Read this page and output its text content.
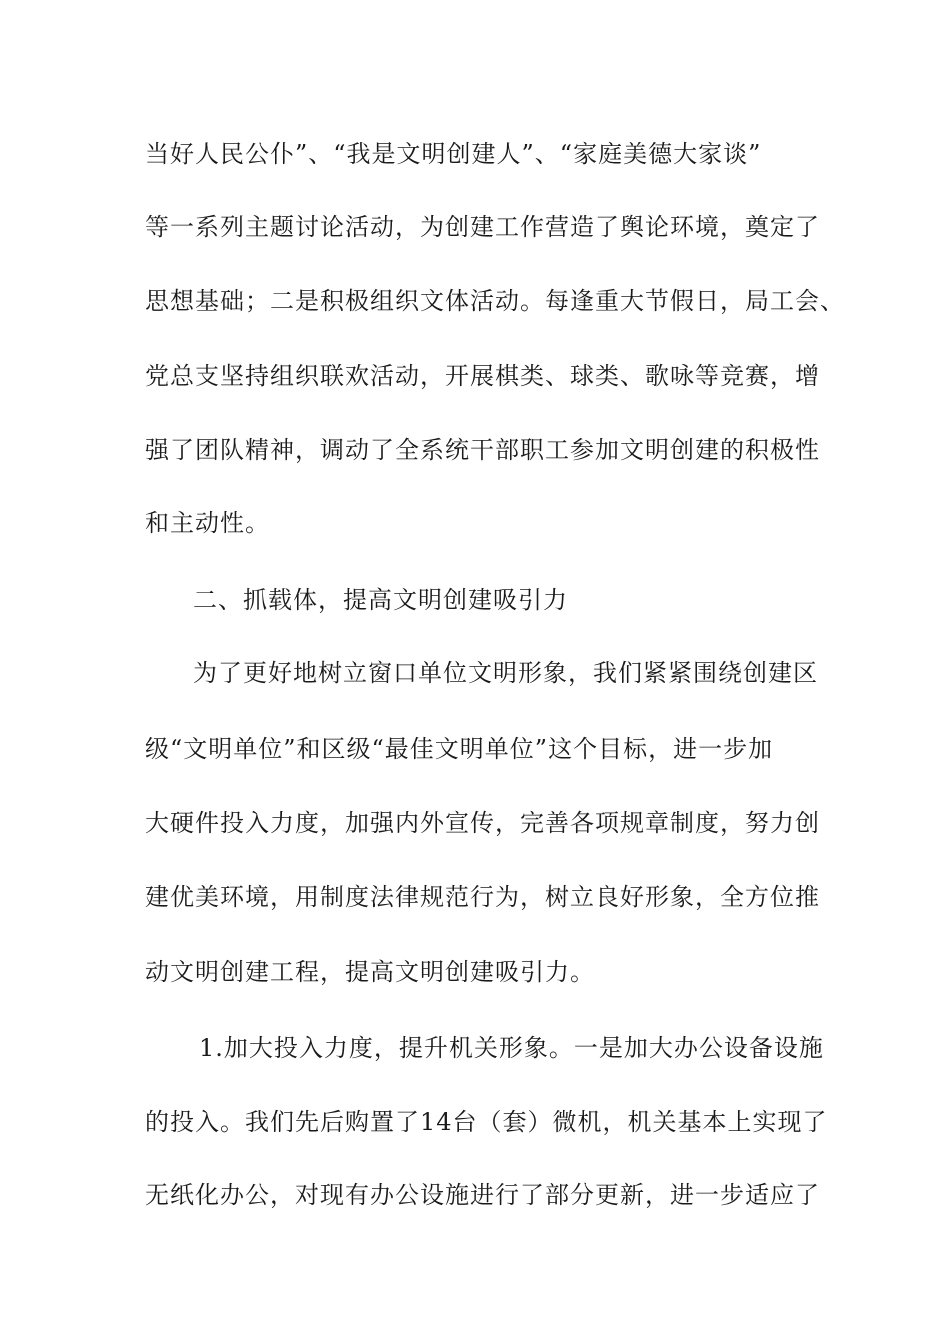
当好人民公仆”、“我是文明创建人”、“家庭美德大家谈”
等一系列主题讨论活动，为创建工作营造了舆论环境，奠定了
思想基础；二是积极组织文体活动。每逢重大节假日，局工会、
党总支坚持组织联欢活动，开展棋类、球类、歌咏等竞赛，增
强了团队精神，调动了全系统干部职工参加文明创建的积极性
和主动性。
二、抓载体，提高文明创建吸引力
为了更好地树立窗口单位文明形象，我们紧紧围绕创建区
级“文明单位”和区级“最佳文明单位”这个目标，进一步加
大硬件投入力度，加强内外宣传，完善各项规章制度，努力创
建优美环境，用制度法律规范行为，树立良好形象，全方位推
动文明创建工程，提高文明创建吸引力。
1.加大投入力度，提升机关形象。一是加大办公设备设施
的投入。我们先后购置了14台（套）微机，机关基本上实现了
无纸化办公，对现有办公设施进行了部分更新，进一步适应了
